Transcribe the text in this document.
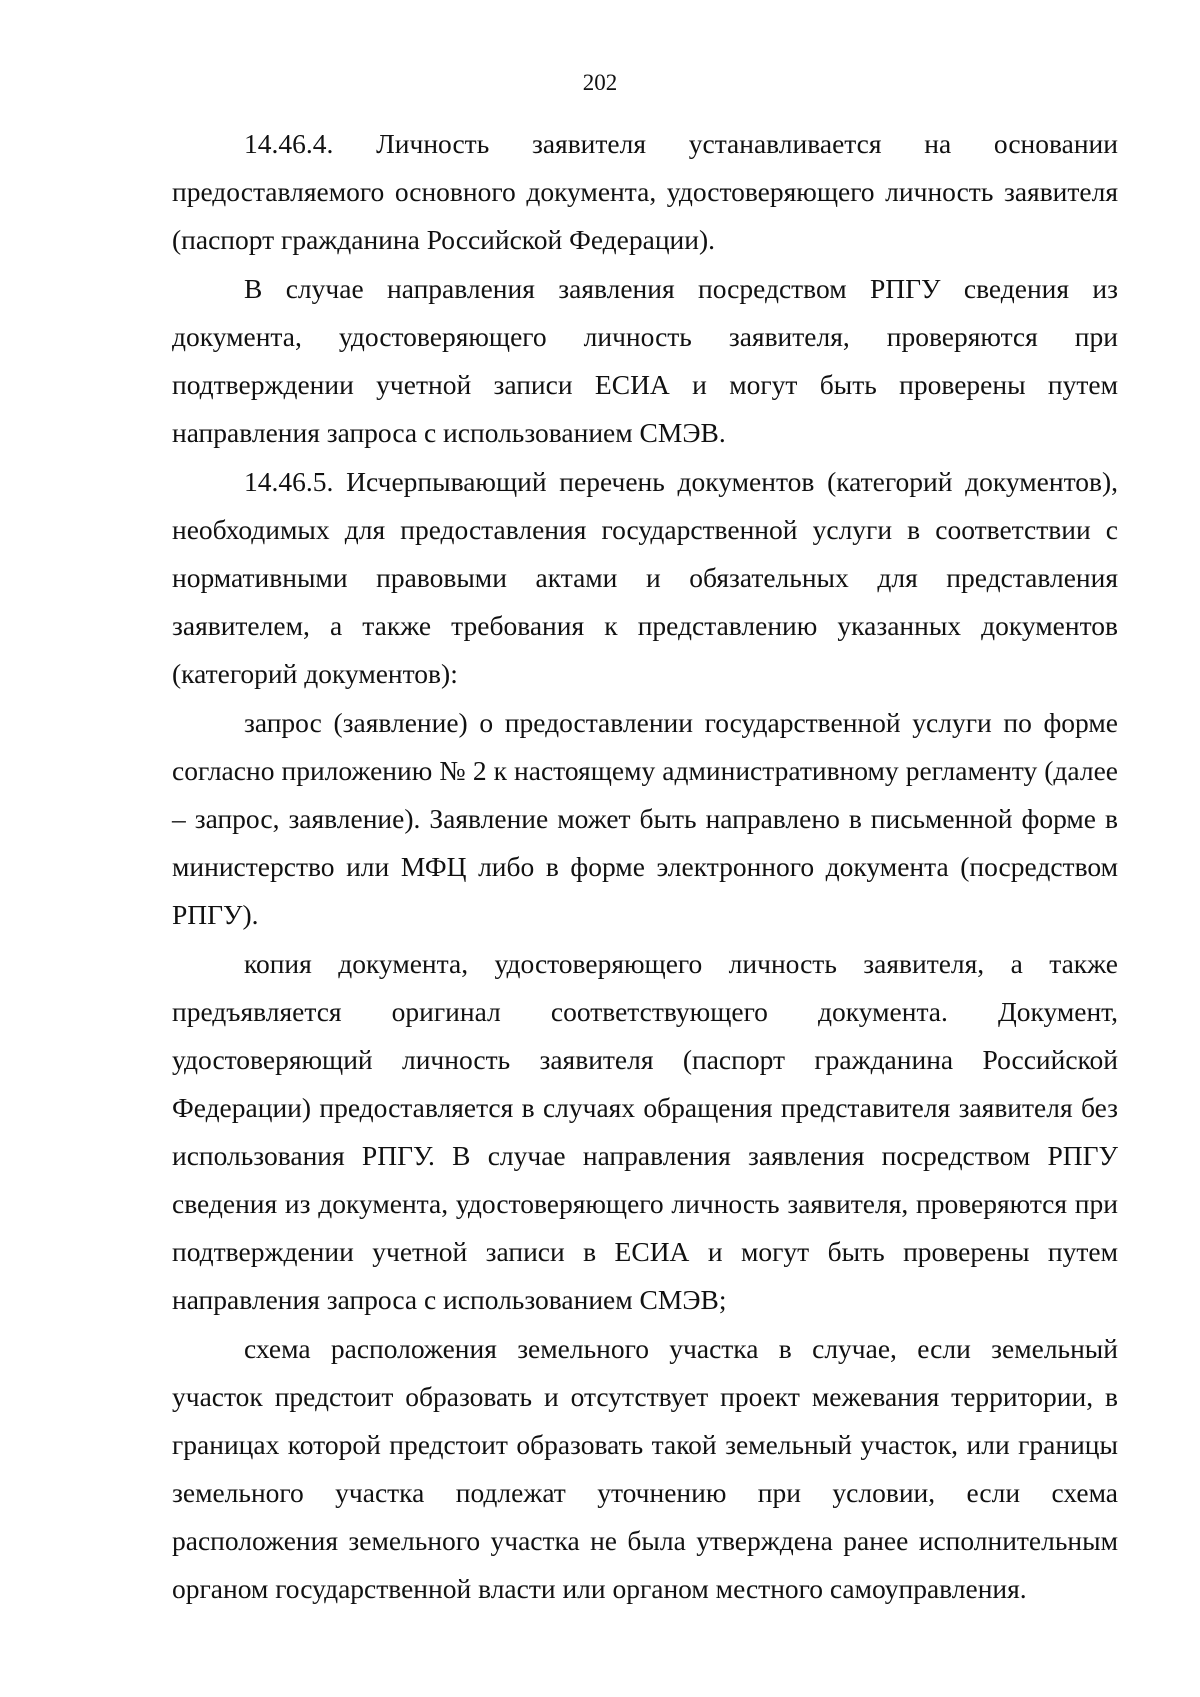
202

14.46.4. Личность заявителя устанавливается на основании предоставляемого основного документа, удостоверяющего личность заявителя (паспорт гражданина Российской Федерации).

В случае направления заявления посредством РПГУ сведения из документа, удостоверяющего личность заявителя, проверяются при подтверждении учетной записи ЕСИА и могут быть проверены путем направления запроса с использованием СМЭВ.

14.46.5. Исчерпывающий перечень документов (категорий документов), необходимых для предоставления государственной услуги в соответствии с нормативными правовыми актами и обязательных для представления заявителем, а также требования к представлению указанных документов (категорий документов):

запрос (заявление) о предоставлении государственной услуги по форме согласно приложению № 2 к настоящему административному регламенту (далее – запрос, заявление). Заявление может быть направлено в письменной форме в министерство или МФЦ либо в форме электронного документа (посредством РПГУ).

копия документа, удостоверяющего личность заявителя, а также предъявляется оригинал соответствующего документа. Документ, удостоверяющий личность заявителя (паспорт гражданина Российской Федерации) предоставляется в случаях обращения представителя заявителя без использования РПГУ. В случае направления заявления посредством РПГУ сведения из документа, удостоверяющего личность заявителя, проверяются при подтверждении учетной записи в ЕСИА и могут быть проверены путем направления запроса с использованием СМЭВ;

схема расположения земельного участка в случае, если земельный участок предстоит образовать и отсутствует проект межевания территории, в границах которой предстоит образовать такой земельный участок, или границы земельного участка подлежат уточнению при условии, если схема расположения земельного участка не была утверждена ранее исполнительным органом государственной власти или органом местного самоуправления.
